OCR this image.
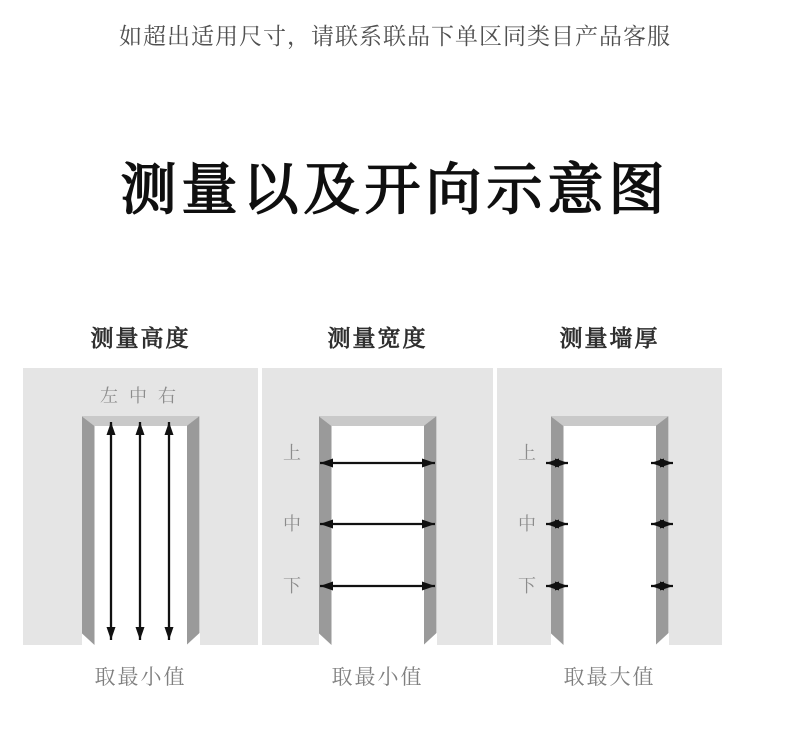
如超出适用尺寸，请联系联品下单区同类目产品客服
测量以及开向示意图
测量高度
左 中 右
取最小值
测量宽度
上
中
下
取最小值
测量墙厚
上
中
下
取最大值
